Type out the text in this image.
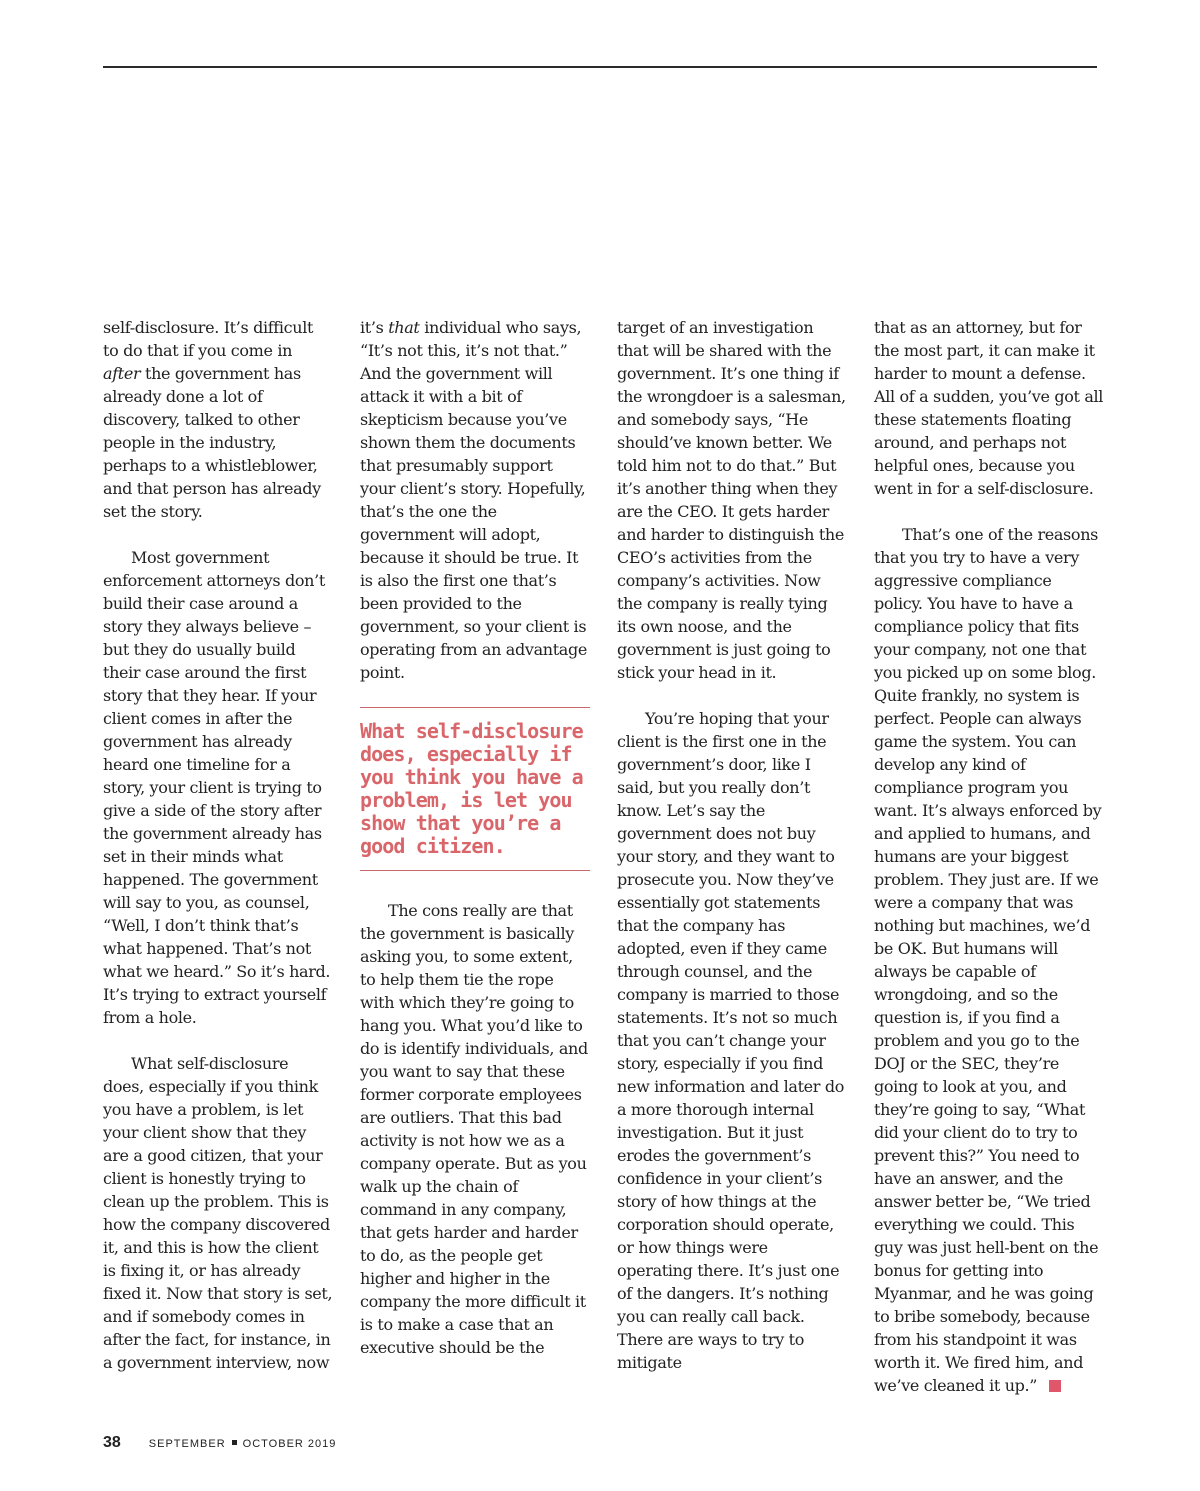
self-disclosure. It’s difficult to do that if you come in after the government has already done a lot of discovery, talked to other people in the industry, perhaps to a whistleblower, and that person has already set the story.

Most government enforcement attorneys don’t build their case around a story they always believe – but they do usually build their case around the first story that they hear. If your client comes in after the government has already heard one timeline for a story, your client is trying to give a side of the story after the government already has set in their minds what happened. The government will say to you, as counsel, “Well, I don’t think that’s what happened. That’s not what we heard.” So it’s hard. It’s trying to extract yourself from a hole.

What self-disclosure does, especially if you think you have a problem, is let your client show that they are a good citizen, that your client is honestly trying to clean up the problem. This is how the company discovered it, and this is how the client is fixing it, or has already fixed it. Now that story is set, and if somebody comes in after the fact, for instance, in a government interview, now

it’s that individual who says, “It’s not this, it’s not that.” And the government will attack it with a bit of skepticism because you’ve shown them the documents that presumably support your client’s story. Hopefully, that’s the one the government will adopt, because it should be true. It is also the first one that’s been provided to the government, so your client is operating from an advantage point.

What self-disclosure does, especially if you think you have a problem, is let you show that you’re a good citizen.

The cons really are that the government is basically asking you, to some extent, to help them tie the rope with which they’re going to hang you. What you’d like to do is identify individuals, and you want to say that these former corporate employees are outliers. That this bad activity is not how we as a company operate. But as you walk up the chain of command in any company, that gets harder and harder to do, as the people get higher and higher in the company the more difficult it is to make a case that an executive should be the

target of an investigation that will be shared with the government. It’s one thing if the wrongdoer is a salesman, and somebody says, “He should’ve known better. We told him not to do that.” But it’s another thing when they are the CEO. It gets harder and harder to distinguish the CEO’s activities from the company’s activities. Now the company is really tying its own noose, and the government is just going to stick your head in it.

You’re hoping that your client is the first one in the government’s door, like I said, but you really don’t know. Let’s say the government does not buy your story, and they want to prosecute you. Now they’ve essentially got statements that the company has adopted, even if they came through counsel, and the company is married to those statements. It’s not so much that you can’t change your story, especially if you find new information and later do a more thorough internal investigation. But it just erodes the government’s confidence in your client’s story of how things at the corporation should operate, or how things were operating there. It’s just one of the dangers. It’s nothing you can really call back. There are ways to try to mitigate

that as an attorney, but for the most part, it can make it harder to mount a defense. All of a sudden, you’ve got all these statements floating around, and perhaps not helpful ones, because you went in for a self-disclosure.

That’s one of the reasons that you try to have a very aggressive compliance policy. You have to have a compliance policy that fits your company, not one that you picked up on some blog. Quite frankly, no system is perfect. People can always game the system. You can develop any kind of compliance program you want. It’s always enforced by and applied to humans, and humans are your biggest problem. They just are. If we were a company that was nothing but machines, we’d be OK. But humans will always be capable of wrongdoing, and so the question is, if you find a problem and you go to the DOJ or the SEC, they’re going to look at you, and they’re going to say, “What did your client do to try to prevent this?” You need to have an answer, and the answer better be, “We tried everything we could. This guy was just hell-bent on the bonus for getting into Myanmar, and he was going to bribe somebody, because from his standpoint it was worth it. We fired him, and we’ve cleaned it up.”

38	SEPTEMBER OCTOBER 2019
